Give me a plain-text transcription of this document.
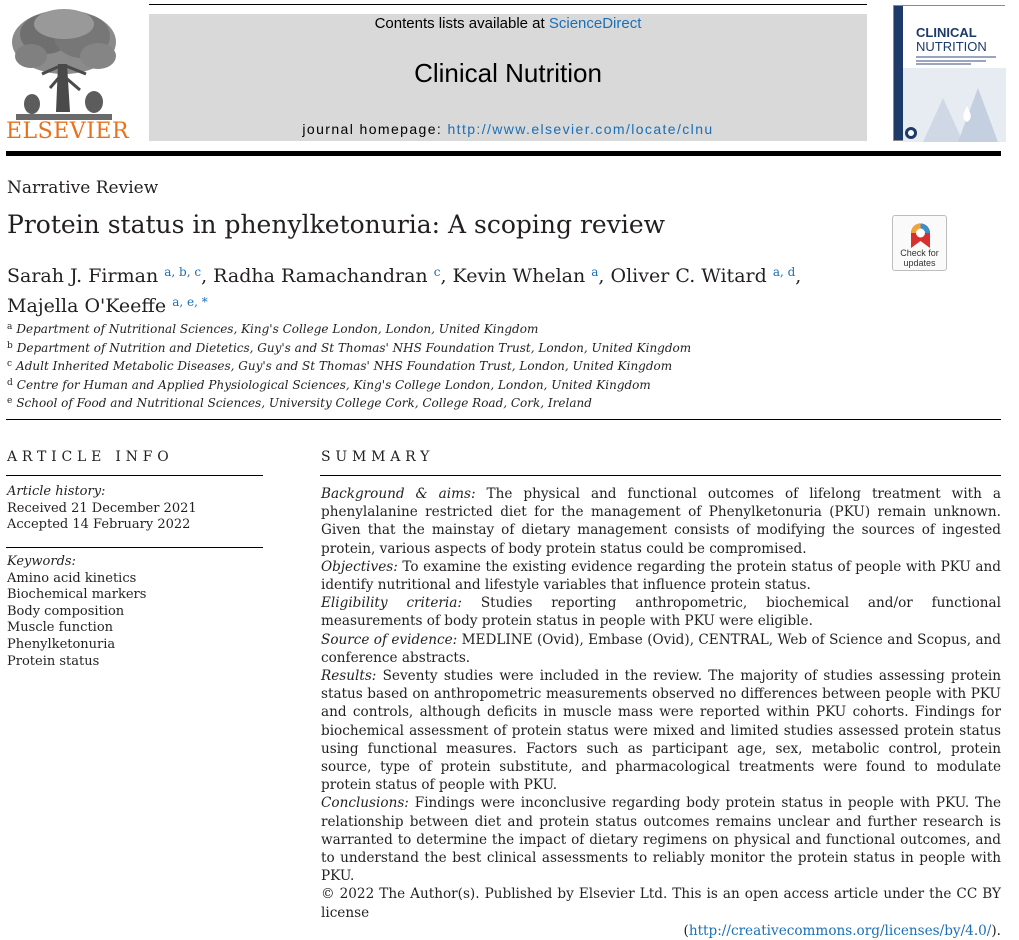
Contents lists available at ScienceDirect
Clinical Nutrition
journal homepage: http://www.elsevier.com/locate/clnu
ELSEVIER
CLINICAL
NUTRITION
Narrative Review
Protein status in phenylketonuria: A scoping review
Check for
updates
Sarah J. Firman $^{a, b, c}$, Radha Ramachandran $^c$, Kevin Whelan $^a$, Oliver C. Witard $^{a, d}$,
Majella O'Keeffe $^{a, e, *}$
$^a$ Department of Nutritional Sciences, King's College London, London, United Kingdom
$^b$ Department of Nutrition and Dietetics, Guy's and St Thomas' NHS Foundation Trust, London, United Kingdom
$^c$ Adult Inherited Metabolic Diseases, Guy's and St Thomas' NHS Foundation Trust, London, United Kingdom
$^d$ Centre for Human and Applied Physiological Sciences, King's College London, London, United Kingdom
$^e$ School of Food and Nutritional Sciences, University College Cork, College Road, Cork, Ireland
ARTICLE INFO
Article history:
Received 21 December 2021
Accepted 14 February 2022
Keywords:
Amino acid kinetics
Biochemical markers
Body composition
Muscle function
Phenylketonuria
Protein status
SUMMARY

Background & aims: The physical and functional outcomes of lifelong treatment with a phenylalanine restricted diet for the management of Phenylketonuria (PKU) remain unknown. Given that the mainstay of dietary management consists of modifying the sources of ingested protein, various aspects of body protein status could be compromised.

Objectives: To examine the existing evidence regarding the protein status of people with PKU and identify nutritional and lifestyle variables that influence protein status.

Eligibility criteria: Studies reporting anthropometric, biochemical and/or functional measurements of body protein status in people with PKU were eligible.

Source of evidence: MEDLINE (Ovid), Embase (Ovid), CENTRAL, Web of Science and Scopus, and conference abstracts.

Results: Seventy studies were included in the review. The majority of studies assessing protein status based on anthropometric measurements observed no differences between people with PKU and controls, although deficits in muscle mass were reported within PKU cohorts. Findings for biochemical assessment of protein status were mixed and limited studies assessed protein status using functional measures. Factors such as participant age, sex, metabolic control, protein source, type of protein substitute, and pharmacological treatments were found to modulate protein status of people with PKU.

Conclusions: Findings were inconclusive regarding body protein status in people with PKU. The relationship between diet and protein status outcomes remains unclear and further research is warranted to determine the impact of dietary regimens on physical and functional outcomes, and to understand the best clinical assessments to reliably monitor the protein status in people with PKU.

© 2022 The Author(s). Published by Elsevier Ltd. This is an open access article under the CC BY license

(http://creativecommons.org/licenses/by/4.0/).
